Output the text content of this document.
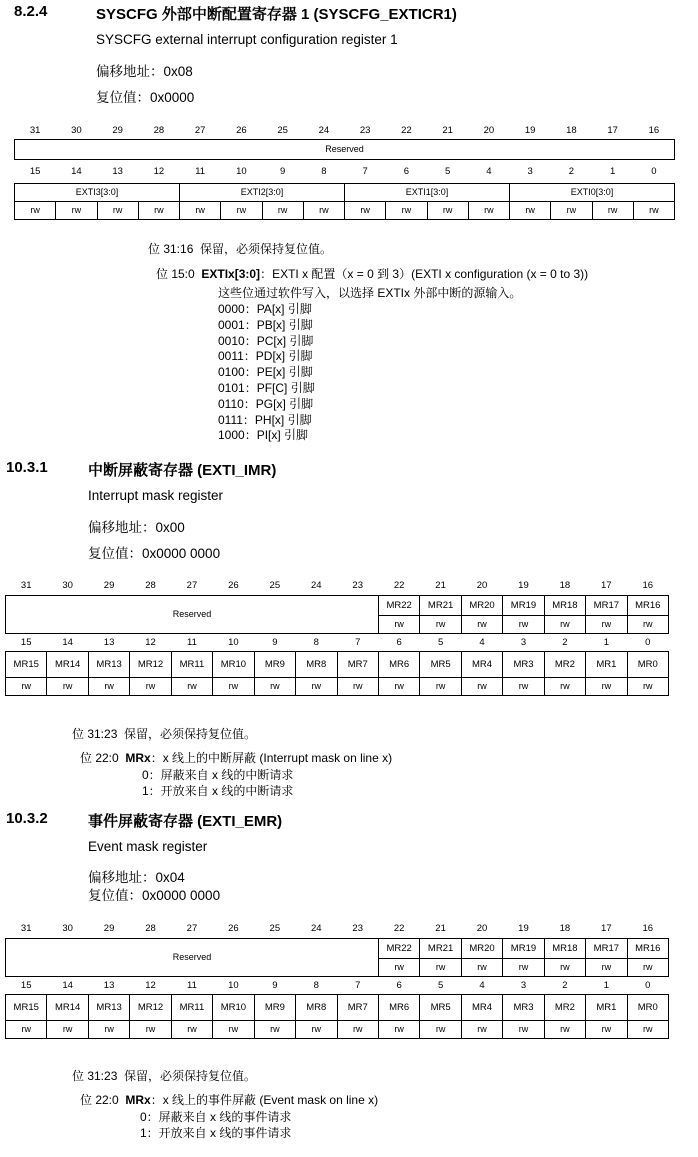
8.2.4	SYSCFG 外部中断配置寄存器 1 (SYSCFG_EXTICR1)
SYSCFG external interrupt configuration register 1
偏移地址：0x08
复位值：0x0000
31	30	29	28	27	26	25	24	23	22	21	20	19	18	17	16
Reserved															
15	14	13	12	11	10	9	8	7	6	5	4	3	2	1	0
EXTI3[3:0]				EXTI2[3:0]				EXTI1[3:0]				EXTI0[3:0]			
rw	rw	rw	rw	rw	rw	rw	rw	rw	rw	rw	rw	rw	rw	rw	rw
位 31:16 保留，必须保持复位值。
位 15:0 EXTIx[3:0]：EXTI x 配置（x = 0 到 3）(EXTI x configuration (x = 0 to 3))
这些位通过软件写入，以选择 EXTIx 外部中断的源输入。
0000：PA[x] 引脚
0001：PB[x] 引脚
0010：PC[x] 引脚
0011：PD[x] 引脚
0100：PE[x] 引脚
0101：PF[C] 引脚
0110：PG[x] 引脚
0111：PH[x] 引脚
1000：PI[x] 引脚
10.3.1	中断屏蔽寄存器 (EXTI_IMR)
Interrupt mask register
偏移地址：0x00
复位值：0x0000 0000
31	30	29	28	27	26	25	24	23	22	21	20	19	18	17	16
Reserved									MR22	MR21	MR20	MR19	MR18	MR17	MR16
									rw	rw	rw	rw	rw	rw	rw
15	14	13	12	11	10	9	8	7	6	5	4	3	2	1	0
MR15	MR14	MR13	MR12	MR11	MR10	MR9	MR8	MR7	MR6	MR5	MR4	MR3	MR2	MR1	MR0
rw	rw	rw	rw	rw	rw	rw	rw	rw	rw	rw	rw	rw	rw	rw	rw
位 31:23 保留，必须保持复位值。
位 22:0 MRx：x 线上的中断屏蔽 (Interrupt mask on line x)
0：屏蔽来自 x 线的中断请求
1：开放来自 x 线的中断请求
10.3.2	事件屏蔽寄存器 (EXTI_EMR)
Event mask register
偏移地址：0x04
复位值：0x0000 0000
31	30	29	28	27	26	25	24	23	22	21	20	19	18	17	16
Reserved									MR22	MR21	MR20	MR19	MR18	MR17	MR16
									rw	rw	rw	rw	rw	rw	rw
15	14	13	12	11	10	9	8	7	6	5	4	3	2	1	0
MR15	MR14	MR13	MR12	MR11	MR10	MR9	MR8	MR7	MR6	MR5	MR4	MR3	MR2	MR1	MR0
rw	rw	rw	rw	rw	rw	rw	rw	rw	rw	rw	rw	rw	rw	rw	rw
位 31:23 保留，必须保持复位值。
位 22:0 MRx：x 线上的事件屏蔽 (Event mask on line x)
0：屏蔽来自 x 线的事件请求
1：开放来自 x 线的事件请求
